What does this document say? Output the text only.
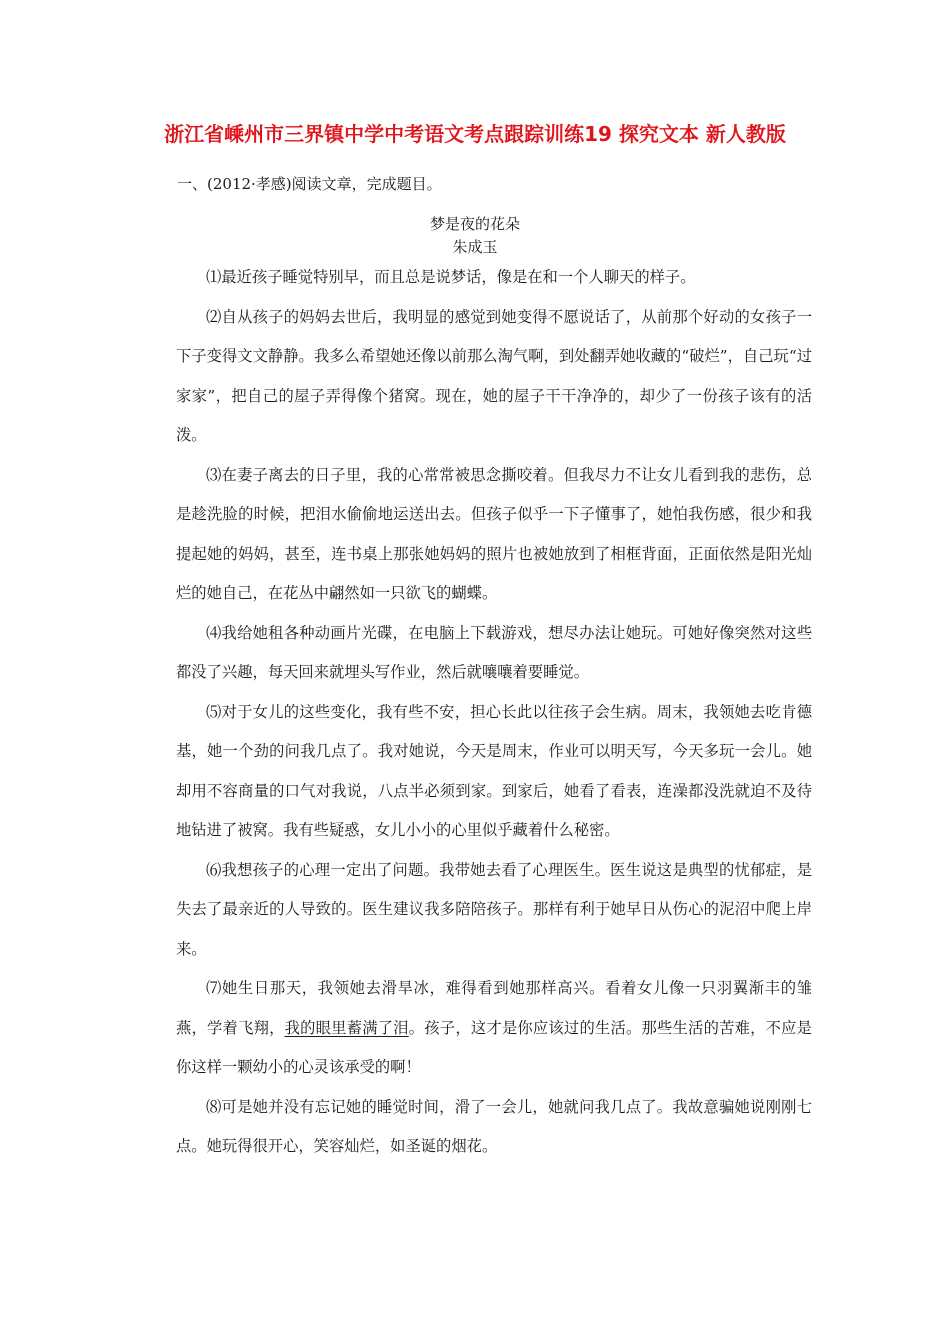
浙江省嵊州市三界镇中学中考语文考点跟踪训练19 探究文本 新人教版

一、(2012·孝感)阅读文章，完成题目。

梦是夜的花朵

朱成玉

⑴最近孩子睡觉特别早，而且总是说梦话，像是在和一个人聊天的样子。

⑵自从孩子的妈妈去世后，我明显的感觉到她变得不愿说话了，从前那个好动的女孩子一下子变得文文静静。我多么希望她还像以前那么淘气啊，到处翻弄她收藏的“破烂”，自己玩“过家家”，把自己的屋子弄得像个猪窝。现在，她的屋子干干净净的，却少了一份孩子该有的活泼。

⑶在妻子离去的日子里，我的心常常被思念撕咬着。但我尽力不让女儿看到我的悲伤，总是趁洗脸的时候，把泪水偷偷地运送出去。但孩子似乎一下子懂事了，她怕我伤感，很少和我提起她的妈妈，甚至，连书桌上那张她妈妈的照片也被她放到了相框背面，正面依然是阳光灿烂的她自己，在花丛中翩然如一只欲飞的蝴蝶。

⑷我给她租各种动画片光碟，在电脑上下载游戏，想尽办法让她玩。可她好像突然对这些都没了兴趣，每天回来就埋头写作业，然后就嚷嚷着要睡觉。

⑸对于女儿的这些变化，我有些不安，担心长此以往孩子会生病。周末，我领她去吃肯德基，她一个劲的问我几点了。我对她说，今天是周末，作业可以明天写，今天多玩一会儿。她却用不容商量的口气对我说，八点半必须到家。到家后，她看了看表，连澡都没洗就迫不及待地钻进了被窝。我有些疑惑，女儿小小的心里似乎藏着什么秘密。

⑹我想孩子的心理一定出了问题。我带她去看了心理医生。医生说这是典型的忧郁症，是失去了最亲近的人导致的。医生建议我多陪陪孩子。那样有利于她早日从伤心的泥沼中爬上岸来。

⑺她生日那天，我领她去滑旱冰，难得看到她那样高兴。看着女儿像一只羽翼渐丰的雏燕，学着飞翔，我的眼里蓄满了泪。孩子，这才是你应该过的生活。那些生活的苦难，不应是你这样一颗幼小的心灵该承受的啊！

⑻可是她并没有忘记她的睡觉时间，滑了一会儿，她就问我几点了。我故意骗她说刚刚七点。她玩得很开心，笑容灿烂，如圣诞的烟花。
